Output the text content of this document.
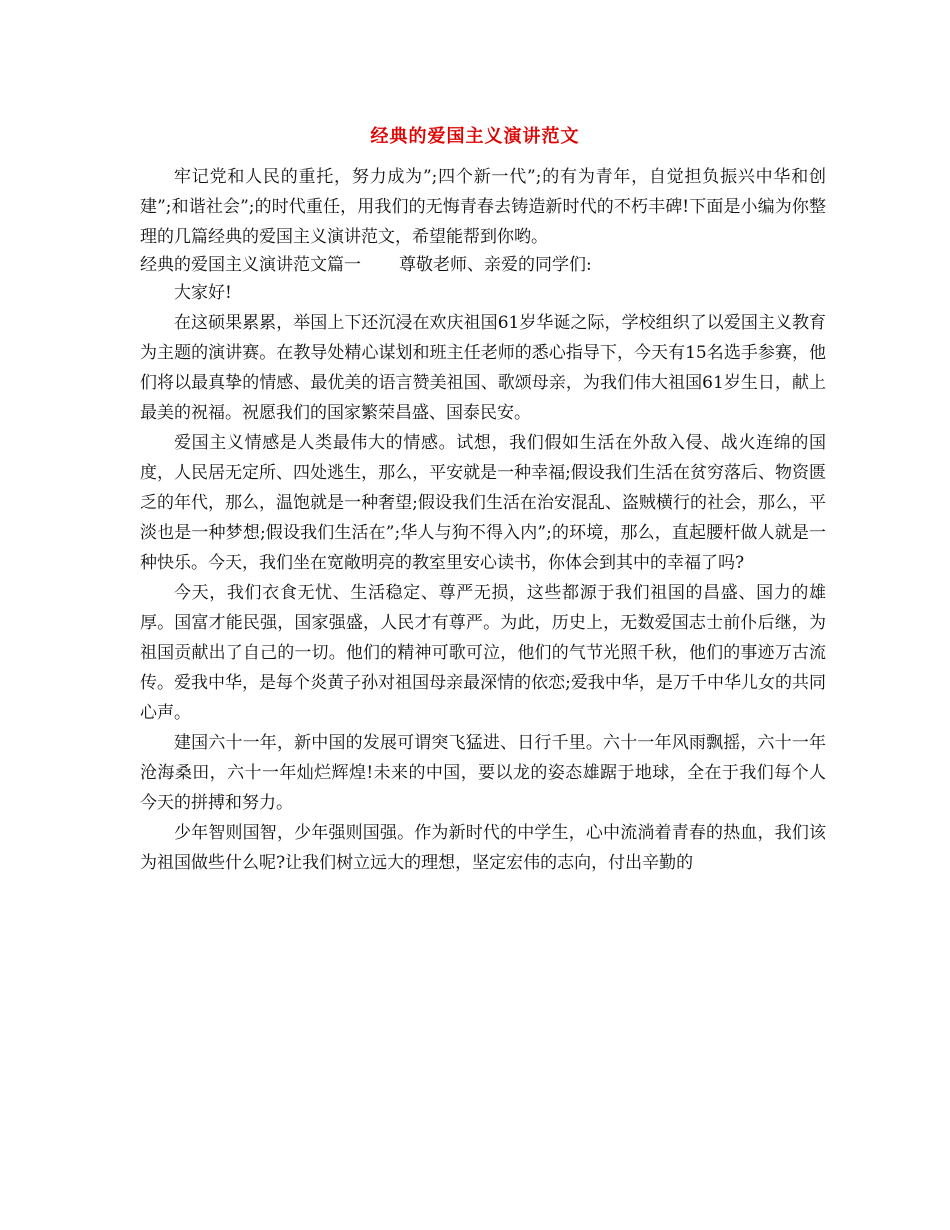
经典的爱国主义演讲范文

牢记党和人民的重托，努力成为”;四个新一代”;的有为青年，自觉担负振兴中华和创建”;和谐社会”;的时代重任，用我们的无悔青春去铸造新时代的不朽丰碑!下面是小编为你整理的几篇经典的爱国主义演讲范文，希望能帮到你哟。

经典的爱国主义演讲范文篇一 尊敬老师、亲爱的同学们:

大家好!

在这硕果累累，举国上下还沉浸在欢庆祖国61岁华诞之际，学校组织了以爱国主义教育为主题的演讲赛。在教导处精心谋划和班主任老师的悉心指导下，今天有15名选手参赛，他们将以最真挚的情感、最优美的语言赞美祖国、歌颂母亲，为我们伟大祖国61岁生日，献上最美的祝福。祝愿我们的国家繁荣昌盛、国泰民安。

爱国主义情感是人类最伟大的情感。试想，我们假如生活在外敌入侵、战火连绵的国度，人民居无定所、四处逃生，那么，平安就是一种幸福;假设我们生活在贫穷落后、物资匮乏的年代，那么，温饱就是一种奢望;假设我们生活在治安混乱、盗贼横行的社会，那么，平淡也是一种梦想;假设我们生活在”;华人与狗不得入内”;的环境，那么，直起腰杆做人就是一种快乐。今天，我们坐在宽敞明亮的教室里安心读书，你体会到其中的幸福了吗?

今天，我们衣食无忧、生活稳定、尊严无损，这些都源于我们祖国的昌盛、国力的雄厚。国富才能民强，国家强盛，人民才有尊严。为此，历史上，无数爱国志士前仆后继，为祖国贡献出了自己的一切。他们的精神可歌可泣，他们的气节光照千秋，他们的事迹万古流传。爱我中华，是每个炎黄子孙对祖国母亲最深情的依恋;爱我中华，是万千中华儿女的共同心声。

建国六十一年，新中国的发展可谓突飞猛进、日行千里。六十一年风雨飘摇，六十一年沧海桑田，六十一年灿烂辉煌!未来的中国，要以龙的姿态雄踞于地球，全在于我们每个人今天的拼搏和努力。

少年智则国智，少年强则国强。作为新时代的中学生，心中流淌着青春的热血，我们该为祖国做些什么呢?让我们树立远大的理想，坚定宏伟的志向，付出辛勤的
